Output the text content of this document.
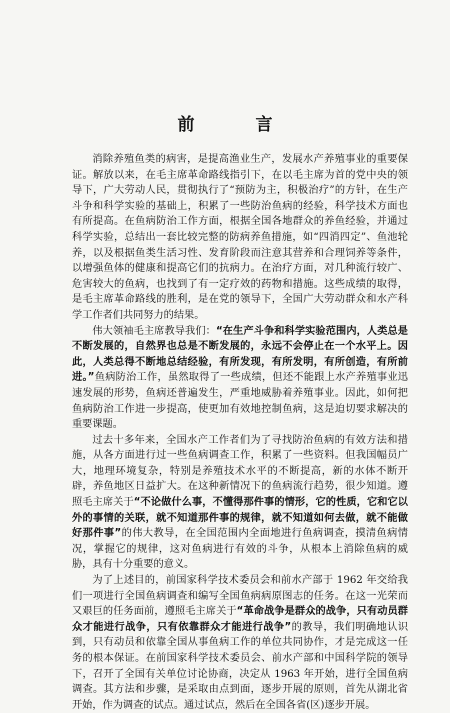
前　言

消除养殖鱼类的病害，是提高渔业生产，发展水产养殖事业的重要保证。解放以来，在毛主席革命路线指引下，在以毛主席为首的党中央的领导下，广大劳动人民，贯彻执行了“预防为主，积极治疗”的方针，在生产斗争和科学实验的基础上，积累了一些防治鱼病的经验，科学技术方面也有所提高。在鱼病防治工作方面，根据全国各地群众的养鱼经验，并通过科学实验，总结出一套比较完整的防病养鱼措施，如“四消四定”、鱼池轮养，以及根据鱼类生活习性、发育阶段而注意其营养和合理饲养等条件，以增强鱼体的健康和提高它们的抗病力。在治疗方面，对几种流行较广、危害较大的鱼病，也找到了有一定疗效的药物和措施。这些成绩的取得，是毛主席革命路线的胜利，是在党的领导下，全国广大劳动群众和水产科学工作者们共同努力的结果。

伟大领袖毛主席教导我们：“在生产斗争和科学实验范围内，人类总是不断发展的，自然界也总是不断发展的，永远不会停止在一个水平上。因此，人类总得不断地总结经验，有所发现，有所发明，有所创造，有所前进。”鱼病防治工作，虽然取得了一些成绩，但还不能跟上水产养殖事业迅速发展的形势，鱼病还普遍发生，严重地威胁着养殖事业。因此，如何把鱼病防治工作进一步提高，使更加有效地控制鱼病，这是迫切要求解决的重要课题。

过去十多年来，全国水产工作者们为了寻找防治鱼病的有效方法和措施，从各方面进行过一些鱼病调查工作，积累了一些资料。但我国幅员广大，地理环境复杂，特别是养殖技术水平的不断提高，新的水体不断开辟，养鱼地区日益扩大。在这种新情况下的鱼病流行趋势，很少知道。遵照毛主席关于“不论做什么事，不懂得那件事的情形，它的性质，它和它以外的事情的关联，就不知道那件事的规律，就不知道如何去做，就不能做好那件事”的伟大教导，在全国范围内全面地进行鱼病调查，摸清鱼病情况，掌握它的规律，这对鱼病进行有效的斗争，从根本上消除鱼病的威胁，具有十分重要的意义。

为了上述目的，前国家科学技术委员会和前水产部于 1962 年交给我们一项进行全国鱼病调查和编写全国鱼病病原图志的任务。在这一光荣而又艰巨的任务面前，遵照毛主席关于“革命战争是群众的战争，只有动员群众才能进行战争，只有依靠群众才能进行战争”的教导，我们明确地认识到，只有动员和依靠全国从事鱼病工作的单位共同协作，才是完成这一任务的根本保证。在前国家科学技术委员会、前水产部和中国科学院的领导下，召开了全国有关单位讨论协商，决定从 1963 年开始，进行全国鱼病调查。其方法和步骤，是采取由点到面，逐步开展的原则，首先从湖北省开始，作为调查的试点。通过试点，然后在全国各省(区)逐步开展。
